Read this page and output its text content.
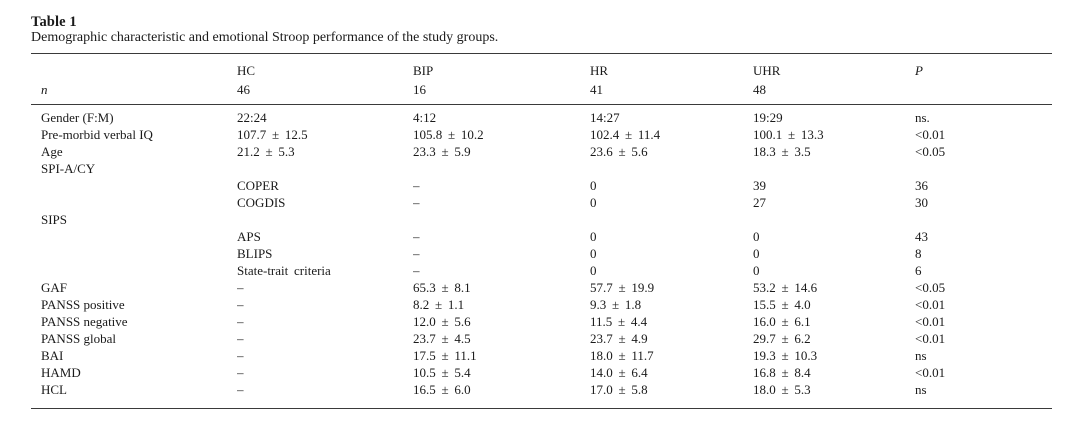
Table 1
Demographic characteristic and emotional Stroop performance of the study groups.
	HC	BIP	HR	UHR	P
n	46	16	41	48	
Gender (F:M)	22:24	4:12	14:27	19:29	ns.
Pre-morbid verbal IQ	107.7 ± 12.5	105.8 ± 10.2	102.4 ± 11.4	100.1 ± 13.3	<0.01
Age	21.2 ± 5.3	23.3 ± 5.9	23.6 ± 5.6	18.3 ± 3.5	<0.05
SPI-A/CY					
	COPER	–	0	39	36
	COGDIS	–	0	27	30
SIPS					
	APS	–	0	0	43
	BLIPS	–	0	0	8
	State-trait criteria	–	0	0	6
GAF	–	65.3 ± 8.1	57.7 ± 19.9	53.2 ± 14.6	<0.05
PANSS positive	–	8.2 ± 1.1	9.3 ± 1.8	15.5 ± 4.0	<0.01
PANSS negative	–	12.0 ± 5.6	11.5 ± 4.4	16.0 ± 6.1	<0.01
PANSS global	–	23.7 ± 4.5	23.7 ± 4.9	29.7 ± 6.2	<0.01
BAI	–	17.5 ± 11.1	18.0 ± 11.7	19.3 ± 10.3	ns
HAMD	–	10.5 ± 5.4	14.0 ± 6.4	16.8 ± 8.4	<0.01
HCL	–	16.5 ± 6.0	17.0 ± 5.8	18.0 ± 5.3	ns
